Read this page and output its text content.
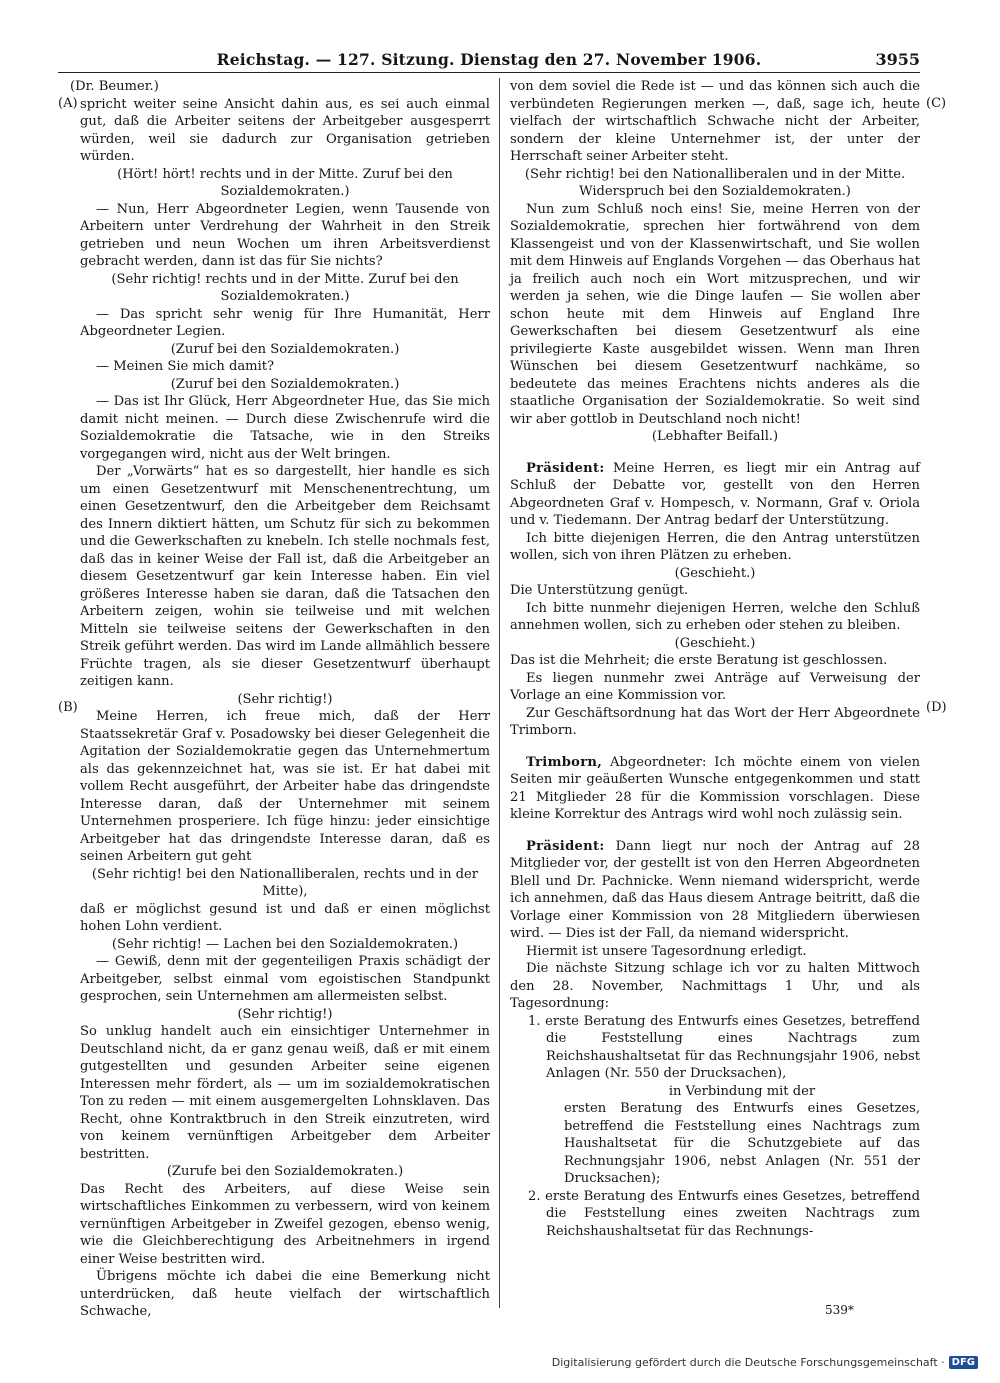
Reichstag. — 127. Sitzung. Dienstag den 27. November 1906.	3955
(A)
(B)
(C)
(D)

(Dr. Beumer.)

spricht weiter seine Ansicht dahin aus, es sei auch einmal gut, daß die Arbeiter seitens der Arbeitgeber ausgesperrt würden, weil sie dadurch zur Organisation getrieben würden.

(Hört! hört! rechts und in der Mitte. Zuruf bei den Sozialdemokraten.)

— Nun, Herr Abgeordneter Legien, wenn Tausende von Arbeitern unter Verdrehung der Wahrheit in den Streik getrieben und neun Wochen um ihren Arbeitsverdienst gebracht werden, dann ist das für Sie nichts?

(Sehr richtig! rechts und in der Mitte. Zuruf bei den Sozialdemokraten.)

— Das spricht sehr wenig für Ihre Humanität, Herr Abgeordneter Legien.

(Zuruf bei den Sozialdemokraten.)

— Meinen Sie mich damit?

(Zuruf bei den Sozialdemokraten.)

— Das ist Ihr Glück, Herr Abgeordneter Hue, das Sie mich damit nicht meinen. — Durch diese Zwischenrufe wird die Sozialdemokratie die Tatsache, wie in den Streiks vorgegangen wird, nicht aus der Welt bringen.

Der „Vorwärts“ hat es so dargestellt, hier handle es sich um einen Gesetzentwurf mit Menschenentrechtung, um einen Gesetzentwurf, den die Arbeitgeber dem Reichsamt des Innern diktiert hätten, um Schutz für sich zu bekommen und die Gewerkschaften zu knebeln. Ich stelle nochmals fest, daß das in keiner Weise der Fall ist, daß die Arbeitgeber an diesem Gesetzentwurf gar kein Interesse haben. Ein viel größeres Interesse haben sie daran, daß die Tatsachen den Arbeitern zeigen, wohin sie teilweise und mit welchen Mitteln sie teilweise seitens der Gewerkschaften in den Streik geführt werden. Das wird im Lande allmählich bessere Früchte tragen, als sie dieser Gesetzentwurf überhaupt zeitigen kann.

(Sehr richtig!)

Meine Herren, ich freue mich, daß der Herr Staatssekretär Graf v. Posadowsky bei dieser Gelegenheit die Agitation der Sozialdemokratie gegen das Unternehmertum als das gekennzeichnet hat, was sie ist. Er hat dabei mit vollem Recht ausgeführt, der Arbeiter habe das dringendste Interesse daran, daß der Unternehmer mit seinem Unternehmen prosperiere. Ich füge hinzu: jeder einsichtige Arbeitgeber hat das dringendste Interesse daran, daß es seinen Arbeitern gut geht

(Sehr richtig! bei den Nationalliberalen, rechts und in der Mitte),

daß er möglichst gesund ist und daß er einen möglichst hohen Lohn verdient.

(Sehr richtig! — Lachen bei den Sozialdemokraten.)

— Gewiß, denn mit der gegenteiligen Praxis schädigt der Arbeitgeber, selbst einmal vom egoistischen Standpunkt gesprochen, sein Unternehmen am allermeisten selbst.

(Sehr richtig!)

So unklug handelt auch ein einsichtiger Unternehmer in Deutschland nicht, da er ganz genau weiß, daß er mit einem gutgestellten und gesunden Arbeiter seine eigenen Interessen mehr fördert, als — um im sozialdemokratischen Ton zu reden — mit einem ausgemergelten Lohnsklaven. Das Recht, ohne Kontraktbruch in den Streik einzutreten, wird von keinem vernünftigen Arbeitgeber dem Arbeiter bestritten.

(Zurufe bei den Sozialdemokraten.)

Das Recht des Arbeiters, auf diese Weise sein wirtschaftliches Einkommen zu verbessern, wird von keinem vernünftigen Arbeitgeber in Zweifel gezogen, ebenso wenig, wie die Gleichberechtigung des Arbeitnehmers in irgend einer Weise bestritten wird.

Übrigens möchte ich dabei die eine Bemerkung nicht unterdrücken, daß heute vielfach der wirtschaftlich Schwache,

von dem soviel die Rede ist — und das können sich auch die verbündeten Regierungen merken —, daß, sage ich, heute vielfach der wirtschaftlich Schwache nicht der Arbeiter, sondern der kleine Unternehmer ist, der unter der Herrschaft seiner Arbeiter steht.

(Sehr richtig! bei den Nationalliberalen und in der Mitte. Widerspruch bei den Sozialdemokraten.)

Nun zum Schluß noch eins! Sie, meine Herren von der Sozialdemokratie, sprechen hier fortwährend von dem Klassengeist und von der Klassenwirtschaft, und Sie wollen mit dem Hinweis auf Englands Vorgehen — das Oberhaus hat ja freilich auch noch ein Wort mitzusprechen, und wir werden ja sehen, wie die Dinge laufen — Sie wollen aber schon heute mit dem Hinweis auf England Ihre Gewerkschaften bei diesem Gesetzentwurf als eine privilegierte Kaste ausgebildet wissen. Wenn man Ihren Wünschen bei diesem Gesetzentwurf nachkäme, so bedeutete das meines Erachtens nichts anderes als die staatliche Organisation der Sozialdemokratie. So weit sind wir aber gottlob in Deutschland noch nicht!

(Lebhafter Beifall.)

Präsident: Meine Herren, es liegt mir ein Antrag auf Schluß der Debatte vor, gestellt von den Herren Abgeordneten Graf v. Hompesch, v. Normann, Graf v. Oriola und v. Tiedemann. Der Antrag bedarf der Unterstützung.

Ich bitte diejenigen Herren, die den Antrag unterstützen wollen, sich von ihren Plätzen zu erheben.

(Geschieht.)

Die Unterstützung genügt.

Ich bitte nunmehr diejenigen Herren, welche den Schluß annehmen wollen, sich zu erheben oder stehen zu bleiben.

(Geschieht.)

Das ist die Mehrheit; die erste Beratung ist geschlossen.

Es liegen nunmehr zwei Anträge auf Verweisung der Vorlage an eine Kommission vor.

Zur Geschäftsordnung hat das Wort der Herr Abgeordnete Trimborn.

Trimborn, Abgeordneter: Ich möchte einem von vielen Seiten mir geäußerten Wunsche entgegenkommen und statt 21 Mitglieder 28 für die Kommission vorschlagen. Diese kleine Korrektur des Antrags wird wohl noch zulässig sein.

Präsident: Dann liegt nur noch der Antrag auf 28 Mitglieder vor, der gestellt ist von den Herren Abgeordneten Blell und Dr. Pachnicke. Wenn niemand widerspricht, werde ich annehmen, daß das Haus diesem Antrage beitritt, daß die Vorlage einer Kommission von 28 Mitgliedern überwiesen wird. — Dies ist der Fall, da niemand widerspricht.

Hiermit ist unsere Tagesordnung erledigt.

Die nächste Sitzung schlage ich vor zu halten Mittwoch den 28. November, Nachmittags 1 Uhr, und als Tagesordnung:

1. erste Beratung des Entwurfs eines Gesetzes, betreffend die Feststellung eines Nachtrags zum Reichshaushaltsetat für das Rechnungsjahr 1906, nebst Anlagen (Nr. 550 der Drucksachen),

in Verbindung mit der

ersten Beratung des Entwurfs eines Gesetzes, betreffend die Feststellung eines Nachtrags zum Haushaltsetat für die Schutzgebiete auf das Rechnungsjahr 1906, nebst Anlagen (Nr. 551 der Drucksachen);

2. erste Beratung des Entwurfs eines Gesetzes, betreffend die Feststellung eines zweiten Nachtrags zum Reichshaushaltsetat für das Rechnungs-

539*
Digitalisierung gefördert durch die Deutsche Forschungsgemeinschaft · DFG
